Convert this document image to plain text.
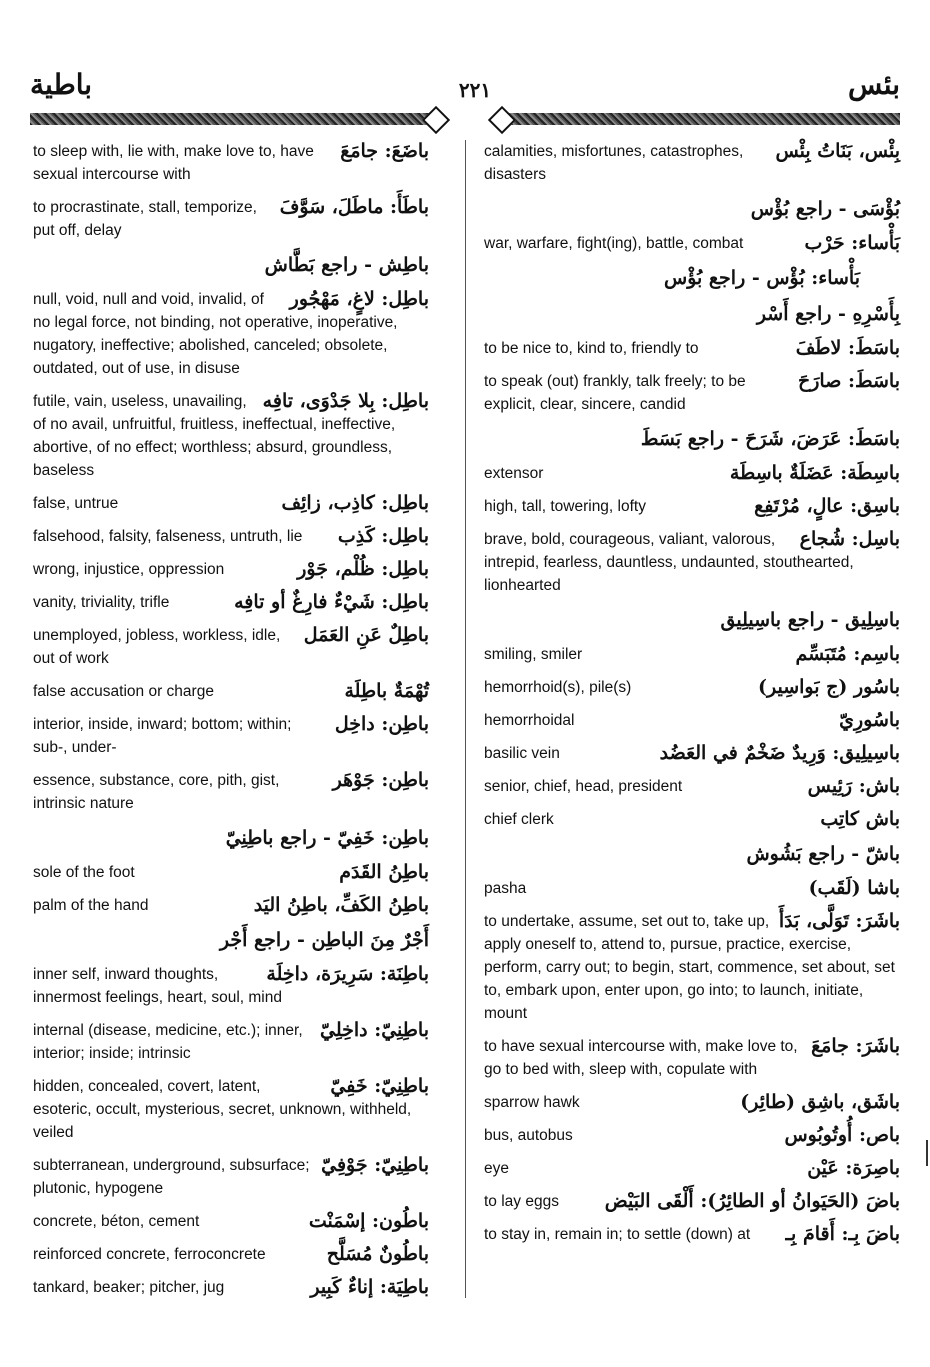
باطية	٢٢١	بئس
باضَعَ: جامَعَ
to sleep with, lie with, make love to, have sexual intercourse with
باطَأَ: ماطَلَ، سَوَّفَ
to procrastinate, stall, temporize, put off, delay
باطِش - راجع بَطَّاش
باطِل: لاغٍ، مَهْجُور
null, void, null and void, invalid, of no legal force, not binding, not operative, inoperative, nugatory, ineffective; abolished, canceled; obsolete, outdated, out of use, in disuse
باطِل: بِلا جَدْوَى، تافِه
futile, vain, useless, unavailing, of no avail, unfruitful, fruitless, ineffectual, ineffective, abortive, of no effect; worthless; absurd, groundless, baseless
باطِل: كاذِب، زائِف
false, untrue
باطِل: كَذِب
falsehood, falsity, falseness, untruth, lie
باطِل: ظُلْم، جَوْر
wrong, injustice, oppression
باطِل: شَيْءٌ فارِغٌ أو تافِه
vanity, triviality, trifle
باطِلٌ عَنِ العَمَل
unemployed, jobless, workless, idle, out of work
تُهْمَةٌ باطِلَة
false accusation or charge
باطِن: داخِل
interior, inside, inward; bottom; within; sub-, under-
باطِن: جَوْهَر
essence, substance, core, pith, gist, intrinsic nature
باطِن: خَفِيّ - راجع باطِنِيّ
باطِنُ القَدَم
sole of the foot
باطِنُ الكَفِّ، باطِنُ اليَد
palm of the hand
أَجْرٌ مِنَ الباطِن - راجع أَجْر
باطِنَة: سَرِيرَة، داخِلَة
inner self, inward thoughts, innermost feelings, heart, soul, mind
باطِنِيّ: داخِلِيّ
internal (disease, medicine, etc.); inner, interior; inside; intrinsic
باطِنِيّ: خَفِيّ
hidden, concealed, covert, latent, esoteric, occult, mysterious, secret, unknown, withheld, veiled
باطِنِيّ: جَوْفِيّ
subterranean, underground, subsurface; plutonic, hypogene
باطُون: إسْمَنْت
concrete, béton, cement
باطُونٌ مُسَلَّح
reinforced concrete, ferroconcrete
باطِيَة: إناءٌ كَبِير
tankard, beaker; pitcher, jug
بِئْس، بَنَاتُ بِئْس
calamities, misfortunes, catastrophes, disasters
بُؤْسَى - راجع بُؤْس
بَأْساء: حَرْب
war, warfare, fight(ing), battle, combat
بَأْساء: بُؤْس - راجع بُؤْس
بِأَسْرِهِ - راجع أَسْر
باسَطَ: لاطَفَ
to be nice to, kind to, friendly to
باسَطَ: صارَحَ
to speak (out) frankly, talk freely; to be explicit, clear, sincere, candid
باسَطَ: عَرَضَ، شَرَحَ - راجع بَسَطَ
باسِطَة: عَضَلَةٌ باسِطَة
extensor
باسِق: عالٍ، مُرْتَفِع
high, tall, towering, lofty
باسِل: شُجاع
brave, bold, courageous, valiant, valorous, intrepid, fearless, dauntless, undaunted, stouthearted, lionhearted
باسِلِيق - راجع باسِيلِيق
باسِم: مُتَبَسِّم
smiling, smiler
باسُور (ج بَواسِير)
hemorrhoid(s), pile(s)
باسُورِيّ
hemorrhoidal
باسِيلِيق: وَرِيدٌ ضَخْمٌ في العَضُد
basilic vein
باش: رَئِيس
senior, chief, head, president
باش كاتِب
chief clerk
باشّ - راجع بَشُوش
باشا (لَقَب)
pasha
باشَرَ: تَوَلَّى، بَدَأَ
to undertake, assume, set out to, take up, apply oneself to, attend to, pursue, practice, exercise, perform, carry out; to begin, start, commence, set about, set to, embark upon, enter upon, go into; to launch, initiate, mount
باشَرَ: جامَعَ
to have sexual intercourse with, make love to, go to bed with, sleep with, copulate with
باشَق، باشِق (طائِر)
sparrow hawk
باص: أُوتُوبُوس
bus, autobus
باصِرَة: عَيْن
eye
باضَ (الحَيَوانُ أو الطائِرُ): أَلْقَى البَيْض
to lay eggs
باضَ بِـ: أَقامَ بِـ
to stay in, remain in; to settle (down) at
